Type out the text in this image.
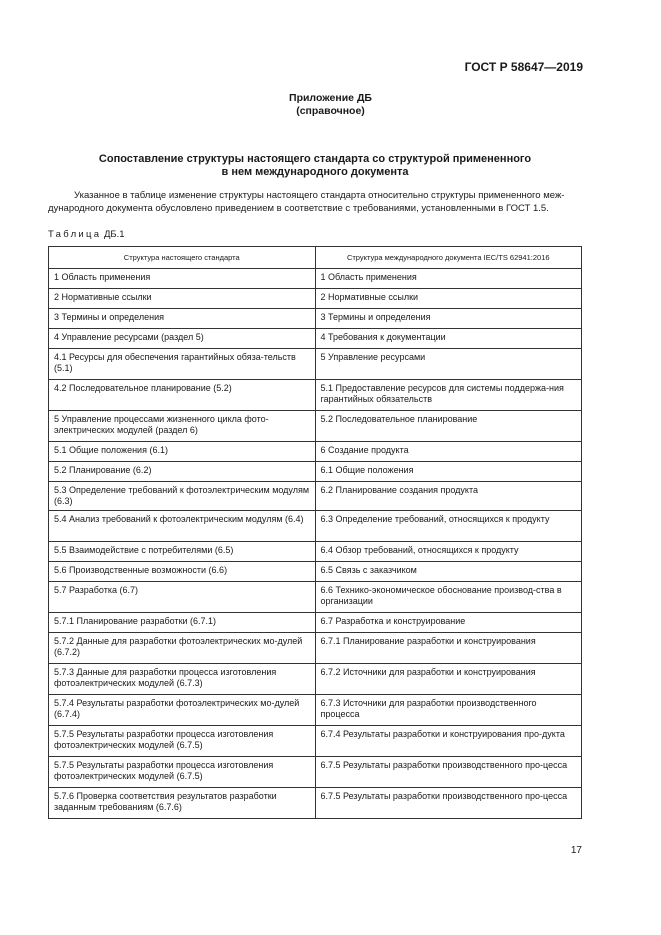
ГОСТ Р 58647—2019
Приложение ДБ
(справочное)
Сопоставление структуры настоящего стандарта со структурой примененного
в нем международного документа
Указанное в таблице изменение структуры настоящего стандарта относительно структуры примененного меж-
дународного документа обусловлено приведением в соответствие с требованиями, установленными в ГОСТ 1.5.
Таблица ДБ.1
Структура настоящего стандарта	Структура международного документа IEC/TS 62941:2016
1 Область применения	1 Область применения
2 Нормативные ссылки	2 Нормативные ссылки
3 Термины и определения	3 Термины и определения
4 Управление ресурсами (раздел 5)	4 Требования к документации
4.1 Ресурсы для обеспечения гарантийных обяза-тельств (5.1)	5 Управление ресурсами
4.2 Последовательное планирование (5.2)	5.1 Предоставление ресурсов для системы поддержа-ния гарантийных обязательств
5 Управление процессами жизненного цикла фото-электрических модулей (раздел 6)	5.2 Последовательное планирование
5.1 Общие положения (6.1)	6 Создание продукта
5.2 Планирование (6.2)	6.1 Общие положения
5.3 Определение требований к фотоэлектрическим модулям (6.3)	6.2 Планирование создания продукта
5.4 Анализ требований к фотоэлектрическим модулям (6.4)	6.3 Определение требований, относящихся к продукту
5.5 Взаимодействие с потребителями (6.5)	6.4 Обзор требований, относящихся к продукту
5.6 Производственные возможности (6.6)	6.5 Связь с заказчиком
5.7 Разработка (6.7)	6.6 Технико-экономическое обоснование производ-ства в организации
5.7.1 Планирование разработки (6.7.1)	6.7 Разработка и конструирование
5.7.2 Данные для разработки фотоэлектрических мо-дулей (6.7.2)	6.7.1 Планирование разработки и конструирования
5.7.3 Данные для разработки процесса изготовления фотоэлектрических модулей (6.7.3)	6.7.2 Источники для разработки и конструирования
5.7.4 Результаты разработки фотоэлектрических мо-дулей (6.7.4)	6.7.3 Источники для разработки производственного процесса
5.7.5 Результаты разработки процесса изготовления фотоэлектрических модулей (6.7.5)	6.7.4 Результаты разработки и конструирования про-дукта
5.7.5 Результаты разработки процесса изготовления фотоэлектрических модулей (6.7.5)	6.7.5 Результаты разработки производственного про-цесса
5.7.6 Проверка соответствия результатов разработки заданным требованиям (6.7.6)	6.7.5 Результаты разработки производственного про-цесса
17
